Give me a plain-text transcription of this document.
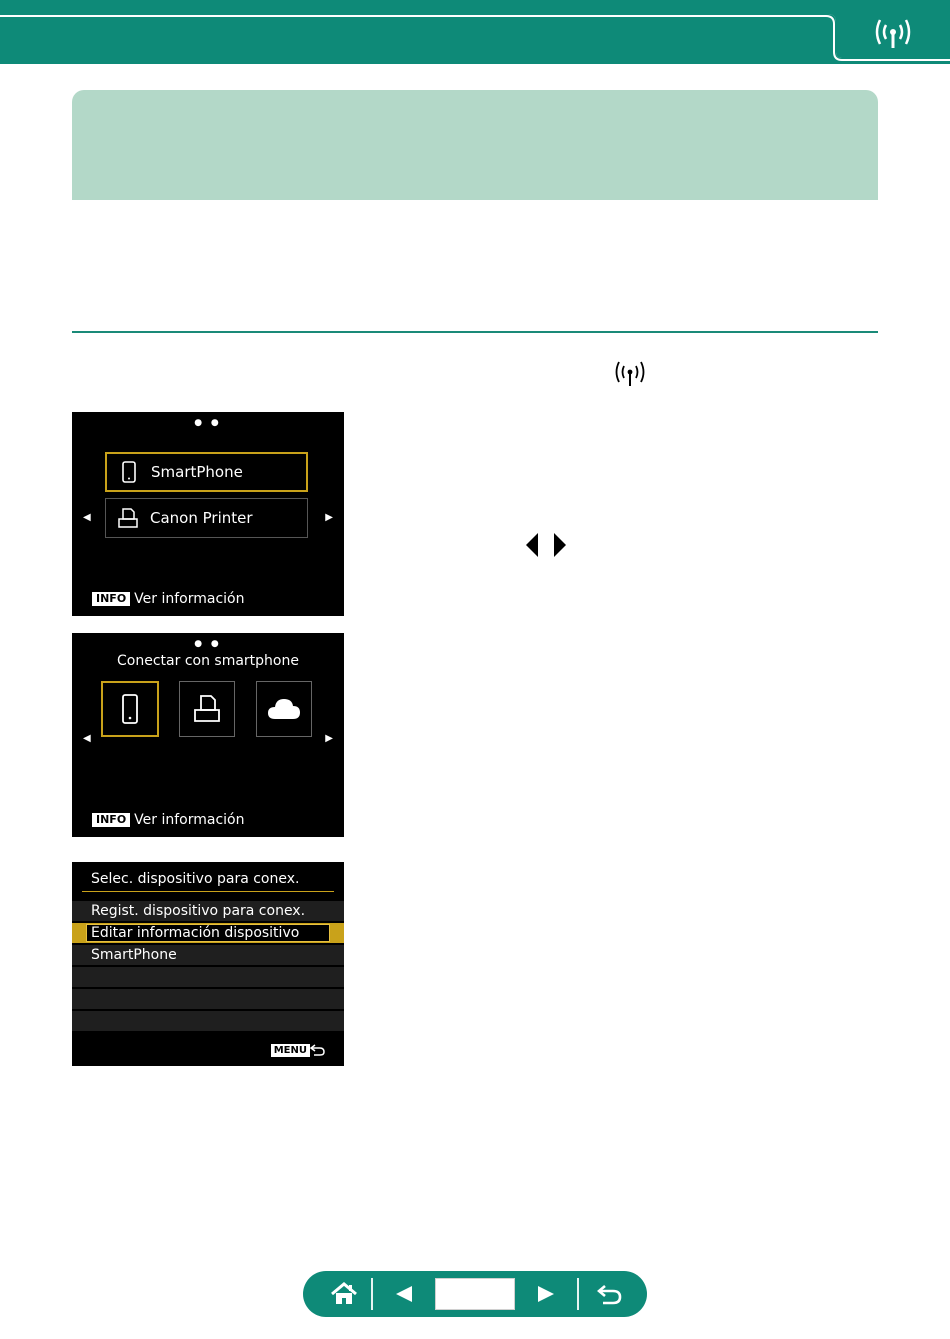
● ●
SmartPhone
Canon Printer
◀	▶
INFO Ver información
● ●
Conectar con smartphone
◀	▶
INFO Ver información
Selec. dispositivo para conex.
Regist. dispositivo para conex.
Editar información dispositivo
SmartPhone
MENU
